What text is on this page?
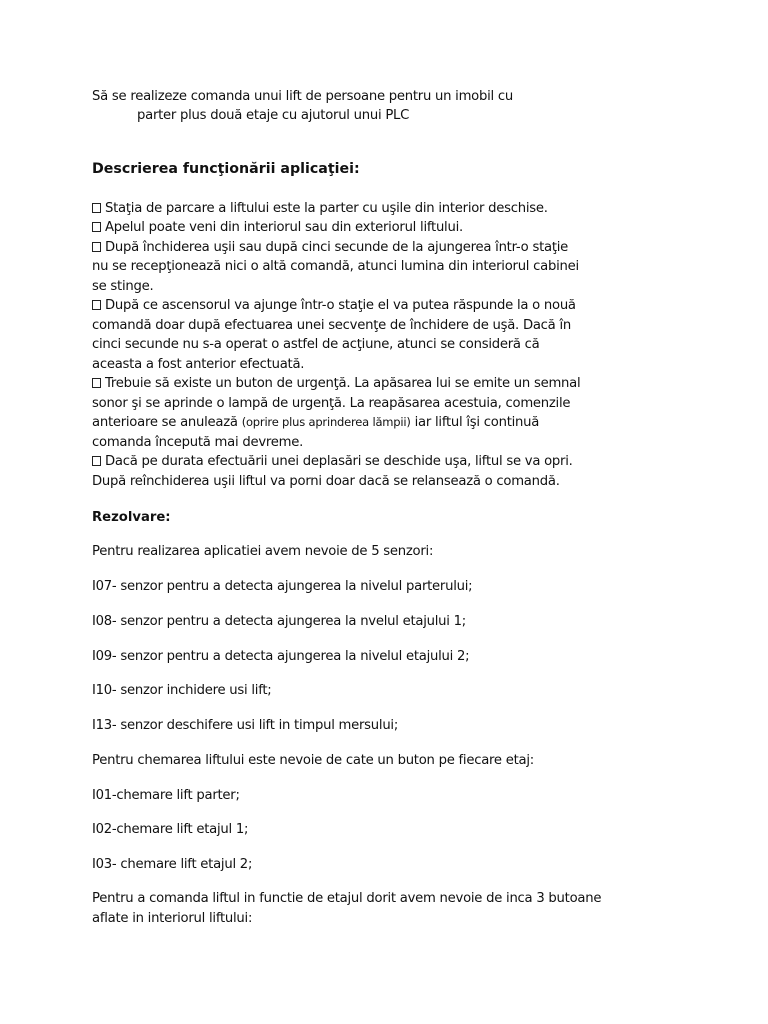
Să se realizeze comanda unui lift de persoane pentru un imobil cu
parter plus două etaje cu ajutorul unui PLC
Descrierea funcţionării aplicaţiei:
Staţia de parcare a liftului este la parter cu uşile din interior deschise.
Apelul poate veni din interiorul sau din exteriorul liftului.
După închiderea uşii sau după cinci secunde de la ajungerea într-o staţie
nu se recepţionează nici o altă comandă, atunci lumina din interiorul cabinei
se stinge.
După ce ascensorul va ajunge într-o staţie el va putea răspunde la o nouă
comandă doar după efectuarea unei secvenţe de închidere de uşă. Dacă în
cinci secunde nu s-a operat o astfel de acţiune, atunci se consideră că
aceasta a fost anterior efectuată.
Trebuie să existe un buton de urgenţă. La apăsarea lui se emite un semnal
sonor şi se aprinde o lampă de urgenţă. La reapăsarea acestuia, comenzile
anterioare se anulează (oprire plus aprinderea lămpii) iar liftul îşi continuă
comanda începută mai devreme.
Dacă pe durata efectuării unei deplasări se deschide uşa, liftul se va opri.
După reînchiderea uşii liftul va porni doar dacă se relansează o comandă.
Rezolvare:
Pentru realizarea aplicatiei avem nevoie de 5 senzori:
I07- senzor pentru a detecta ajungerea la nivelul parterului;
I08- senzor pentru a detecta ajungerea la nvelul etajului 1;
I09- senzor pentru a detecta ajungerea la nivelul etajului 2;
I10- senzor inchidere usi lift;
I13- senzor deschifere usi lift in timpul mersului;
Pentru chemarea liftului este nevoie de cate un buton pe fiecare etaj:
I01-chemare lift parter;
I02-chemare lift etajul 1;
I03- chemare lift etajul 2;
Pentru a comanda liftul in functie de etajul dorit avem nevoie de inca 3 butoane
aflate in interiorul liftului:
